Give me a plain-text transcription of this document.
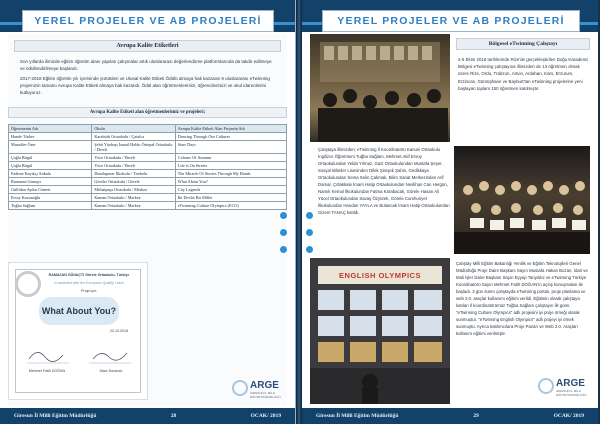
YEREL PROJELER VE AB PROJELERİ
Avrupa Kalite Etiketleri

Son yıllarda ilimizde eğitim öğretim alanı yapılan çalışmalar artık uluslararası değerlendirme platformlarında da takdir edilmeye ve ödüllendirilmeye başlandı.

2017-2018 Eğitim öğretim yılı içerisinde yürütülen ve Ulusal Kalite Etiketi Ödülü almaya hak kazanan 9 uluslararası eTwinning projemizin tamamı Avrupa Kalite Etiketi almaya hak kazandı. Ödül alan öğretmenlerimizi, öğrencilerimizi ve okul idarecilerini kutluyoruz.

Avrupa Kalite Etiketi alan öğretmenlerimiz ve projeleri;
Öğretmenin Adı	Okulu	Avrupa Kalite Etiketi Alan Projenin Adı
Hande Türker	Karabörk Ortaokulu / Çatalca	Dancing Through Our Cultures
Muzaffer Özer	Şehit Yüzbaşı İsmail Haldo Öztepal Ortaokulu / Dereli	Stars Days
Çağla Birgül	Yüce Ortaokulu / Dereli	Colours Of Autumn
Çağla Birgül	Yüce Ortaokulu / Dereli	Life is On Streets
Fadime Kayıkçı Anbala	Dumlupınar İlkokulu / Tirebolu	The Miracle Of Stories Through My Hands
Ramazan Günaçtı	Göreleı Ortaokulu / Görele	What About You?
Gülfidan Aydın Cömert	Mithatpaşa Ortaokulu / Merkez	City Legends
Ersoy Kozanoğlu	Kaman Ortaokulu / Merkez	İki Devlet Bir Millet
Tuğba Sağlam	Kaman Ortaokulu / Merkez	eTwinning Culture Olympics (ECO)
RAMAZAN GÜNAÇTI Görele Ortaokulu, Türkiye
is awarded with the European Quality Label
Proje için:
What About You?
22.10.2018
Mehmet Fatih DOĞAN	Marc Durando
ARGE
GİRESUN İL MİLLİ EĞİTİM MÜDÜRLÜĞÜ
Giresun İl Milli Eğitim Müdürlüğü	28	OCAK/ 2019
YEREL PROJELER VE AB PROJELERİ
Bölgesel eTwinning Çalıştayı
4-6 Ekim 2018 tarihlerinde Rize'de gerçekleştirilen Doğu Karadeniz Bölgesi eTwinning çalıştayına illimizden de 13 öğretmen olmak üzere Rize, Ordu, Trabzon, Artvin, Ardahan, Kars, Erzurum, Erzincan, Gümüşhane ve Bayburt'tan eTwinning projelerine yeni başlayan toplam 150 öğretmen katılmıştır.
Çalıştaya illimizden; eTwinning İl Koordinatörü Kanuni Ortaokulu İngilizce Öğretmeni Tuğba Sağlam, Mehmet Akif Ersoy Ortaokulundan Yelda Yılmaz, Gazi Ortaokulundan Mustafa Şeşer, Sosyal Bilimler Lisesinden Dilek Şimşek Şahin, Gedikkaya Ortaokulundan Sema Selin Çakmak, Bilim Sanat Merkezinden Arif Damar, Çıtlakkale İmam Hatip Ortaokulundan Neslihan Can Hergün, Namık Kemal İlkokulundan Fatma Karabacak, Görele Hasan Ali Yücel Ortaokulundan Savaş Özyürek, Görele Cumhuriyet İlkokulundan Handan YAYLA ve Bulancak İmam Hatip Ortaokulundan Gizem TANAÇ katıldı.
ENGLISH OLYMPICS
Çalıştay Milli Eğitim Bakanlığı Yenilik ve Eğitim Teknolojileri Genel Müdürlüğü Proje Daire Başkanı Sayın Mustafa Hakan Bozan, İdari ve Mali İşler Daire Başkanı Sayın Eyyup Tanyıldız ve eTwinning Türkiye Koordinatörü Sayın Mehmet Fatih DOĞAN'ın açılış konuşmaları ile başladı. 3 gün süren çalıştayda eTwinning portalı, proje planlama ve web 2.0. araçlar kullanımı eğitimi verildi. Eğitimin olarak çalıştaya katılan İl koordinatörümüz Tuğba Sağlam çalıştayın ilk günü "eTwinning Culture Olympics" adlı projesini iyi proje örneği olarak sunmuştur. "eTwinning English Olympics" adlı projeyi iyi örnek sunmuştu. Ayrıca katılımcılara Proje Pazarı ve Web 2.0. Araçları kullanım eğitimi verilmiştir.
ARGE
GİRESUN İL MİLLİ EĞİTİM MÜDÜRLÜĞÜ
Giresun İl Milli Eğitim Müdürlüğü	29	OCAK/ 2019
